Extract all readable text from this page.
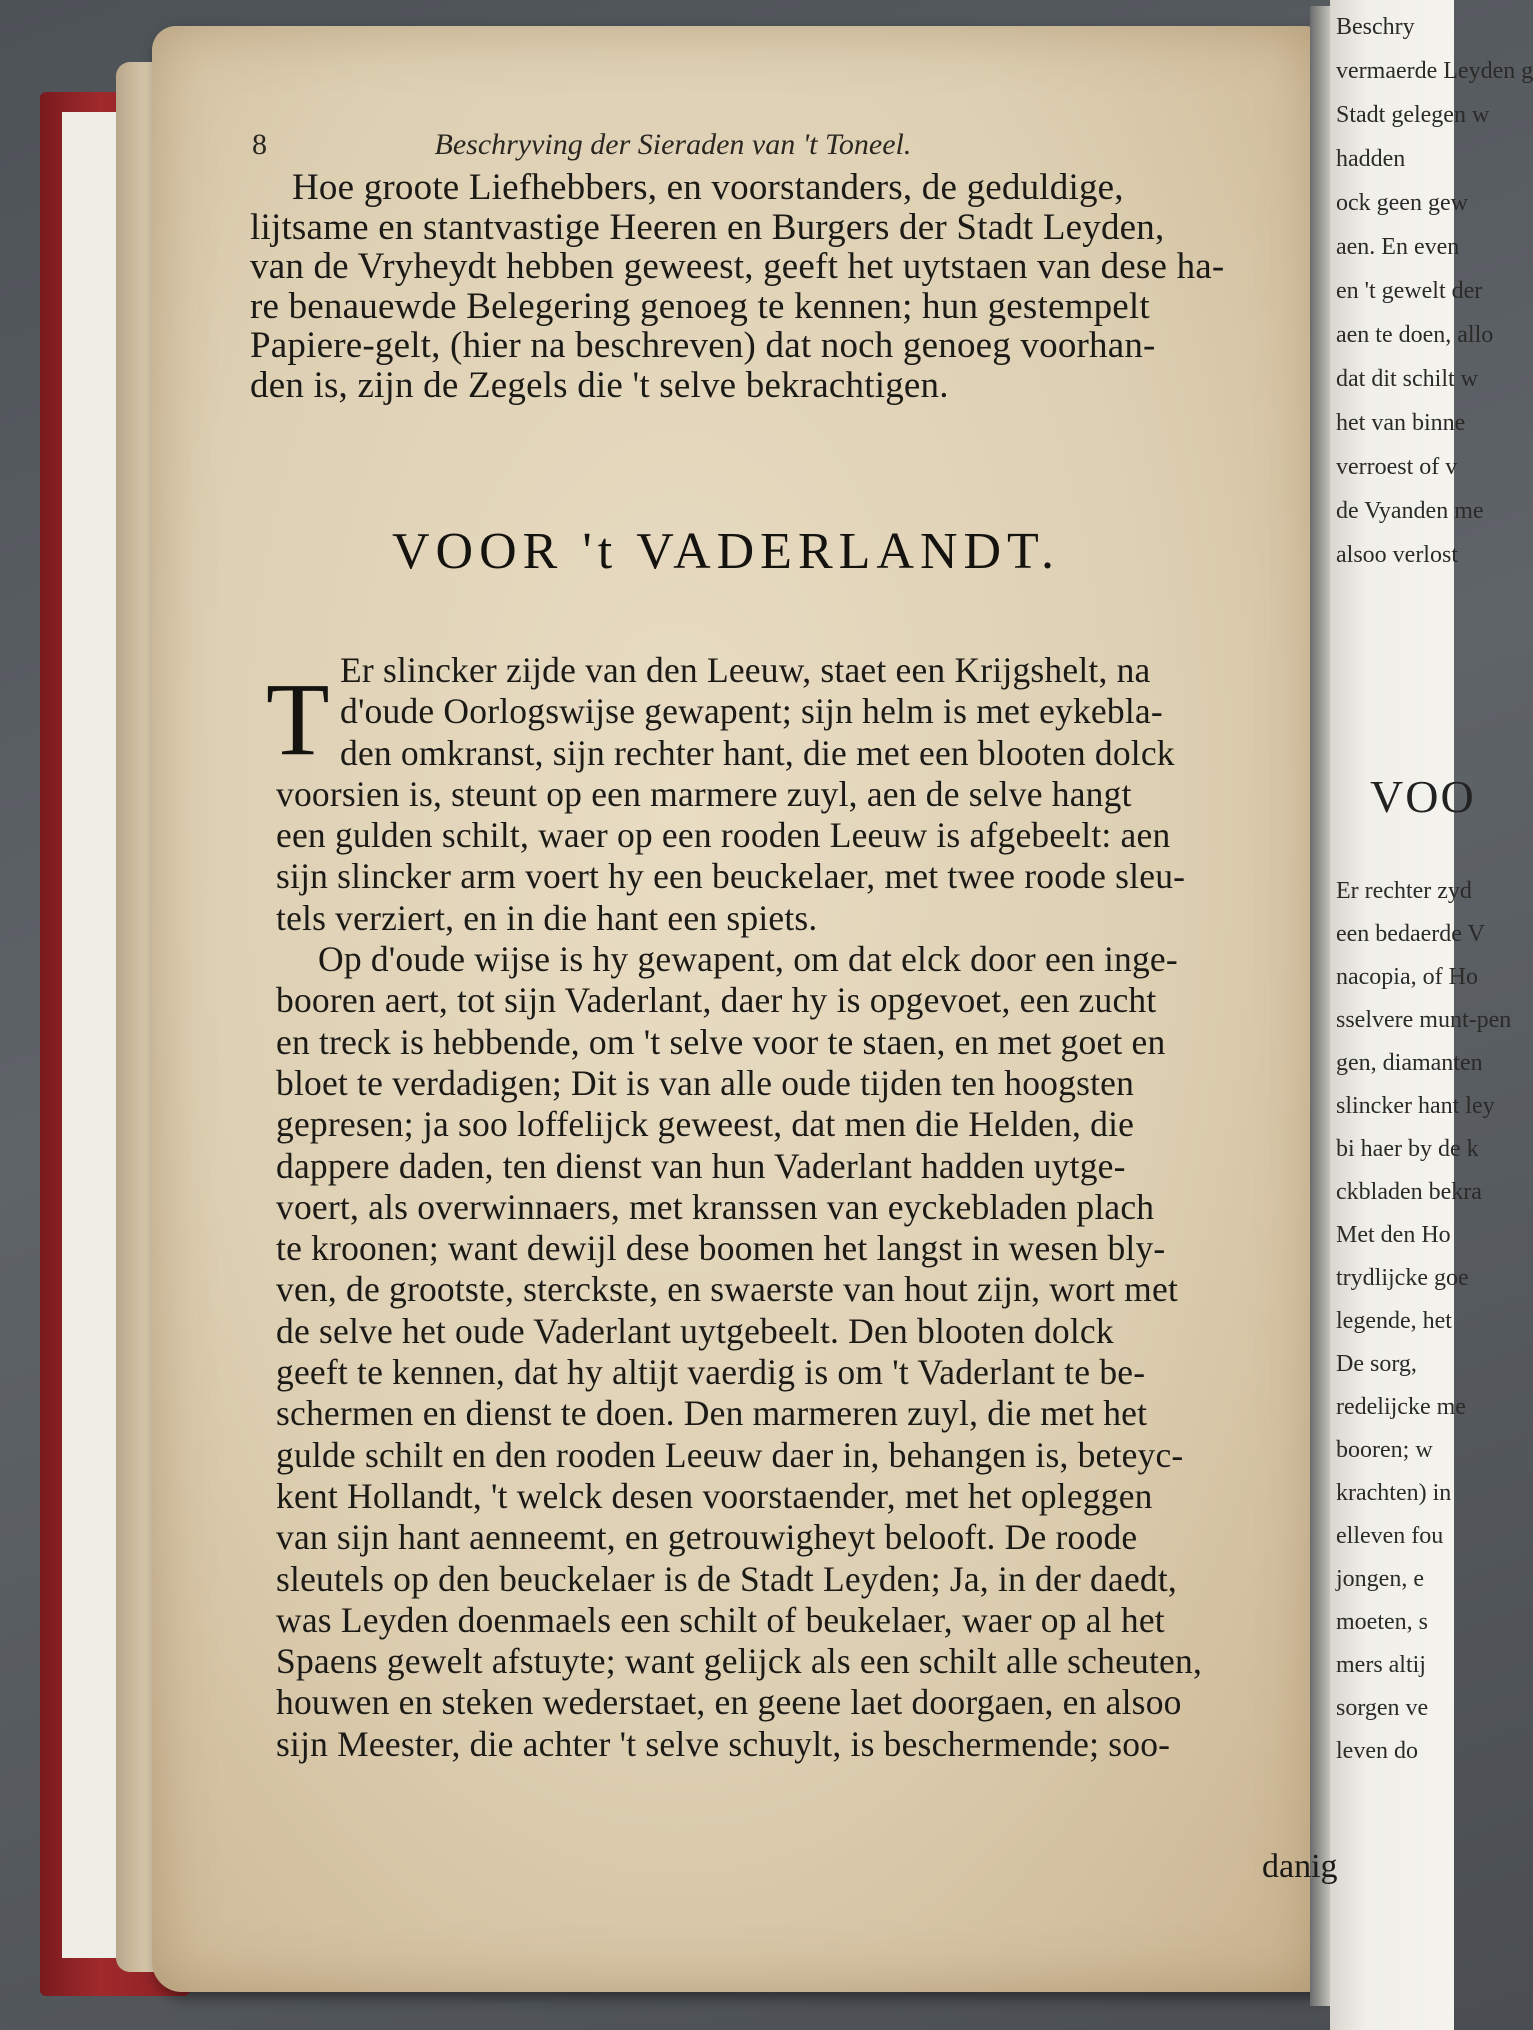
Beschry
vermaerde Leyden g
Stadt gelegen w
hadden
ock geen gew
aen. En even
en 't gewelt der
aen te doen, allo
dat dit schilt w
het van binne
verroest of v
de Vyanden me
alsoo verlost
VOO
Er rechter zyd
een bedaerde V
nacopia, of Ho
sselvere munt-pen
gen, diamanten
slincker hant ley
bi haer by de k
ckbladen bekra
Met den Ho
trydlijcke goe
legende, het
De sorg,
redelijcke me
booren; w
krachten) in
elleven fou
jongen, e
moeten, s
mers altij
sorgen ve
leven do
8	Beschryving der Sieraden van 't Toneel.
Hoe groote Liefhebbers, en voorstanders, de geduldige,
lijtsame en stantvastige Heeren en Burgers der Stadt Leyden,
van de Vryheydt hebben geweest, geeft het uytstaen van dese ha-
re benauewde Belegering genoeg te kennen; hun gestempelt
Papiere-gelt, (hier na beschreven) dat noch genoeg voorhan-
den is, zijn de Zegels die 't selve bekrachtigen.
VOOR 't VADERLANDT.
T Er slincker zijde van den Leeuw, staet een Krijgshelt, na
d'oude Oorlogswijse gewapent; sijn helm is met eykebla-
den omkranst, sijn rechter hant, die met een blooten dolck
voorsien is, steunt op een marmere zuyl, aen de selve hangt
een gulden schilt, waer op een rooden Leeuw is afgebeelt: aen
sijn slincker arm voert hy een beuckelaer, met twee roode sleu-
tels verziert, en in die hant een spiets.
Op d'oude wijse is hy gewapent, om dat elck door een inge-
booren aert, tot sijn Vaderlant, daer hy is opgevoet, een zucht
en treck is hebbende, om 't selve voor te staen, en met goet en
bloet te verdadigen; Dit is van alle oude tijden ten hoogsten
gepresen; ja soo loffelijck geweest, dat men die Helden, die
dappere daden, ten dienst van hun Vaderlant hadden uytge-
voert, als overwinnaers, met kranssen van eyckebladen plach
te kroonen; want dewijl dese boomen het langst in wesen bly-
ven, de grootste, sterckste, en swaerste van hout zijn, wort met
de selve het oude Vaderlant uytgebeelt. Den blooten dolck
geeft te kennen, dat hy altijt vaerdig is om 't Vaderlant te be-
schermen en dienst te doen. Den marmeren zuyl, die met het
gulde schilt en den rooden Leeuw daer in, behangen is, beteyc-
kent Hollandt, 't welck desen voorstaender, met het opleggen
van sijn hant aenneemt, en getrouwigheyt belooft. De roode
sleutels op den beuckelaer is de Stadt Leyden; Ja, in der daedt,
was Leyden doenmaels een schilt of beukelaer, waer op al het
Spaens gewelt afstuyte; want gelijck als een schilt alle scheuten,
houwen en steken wederstaet, en geene laet doorgaen, en alsoo
sijn Meester, die achter 't selve schuylt, is beschermende; soo-
danig
